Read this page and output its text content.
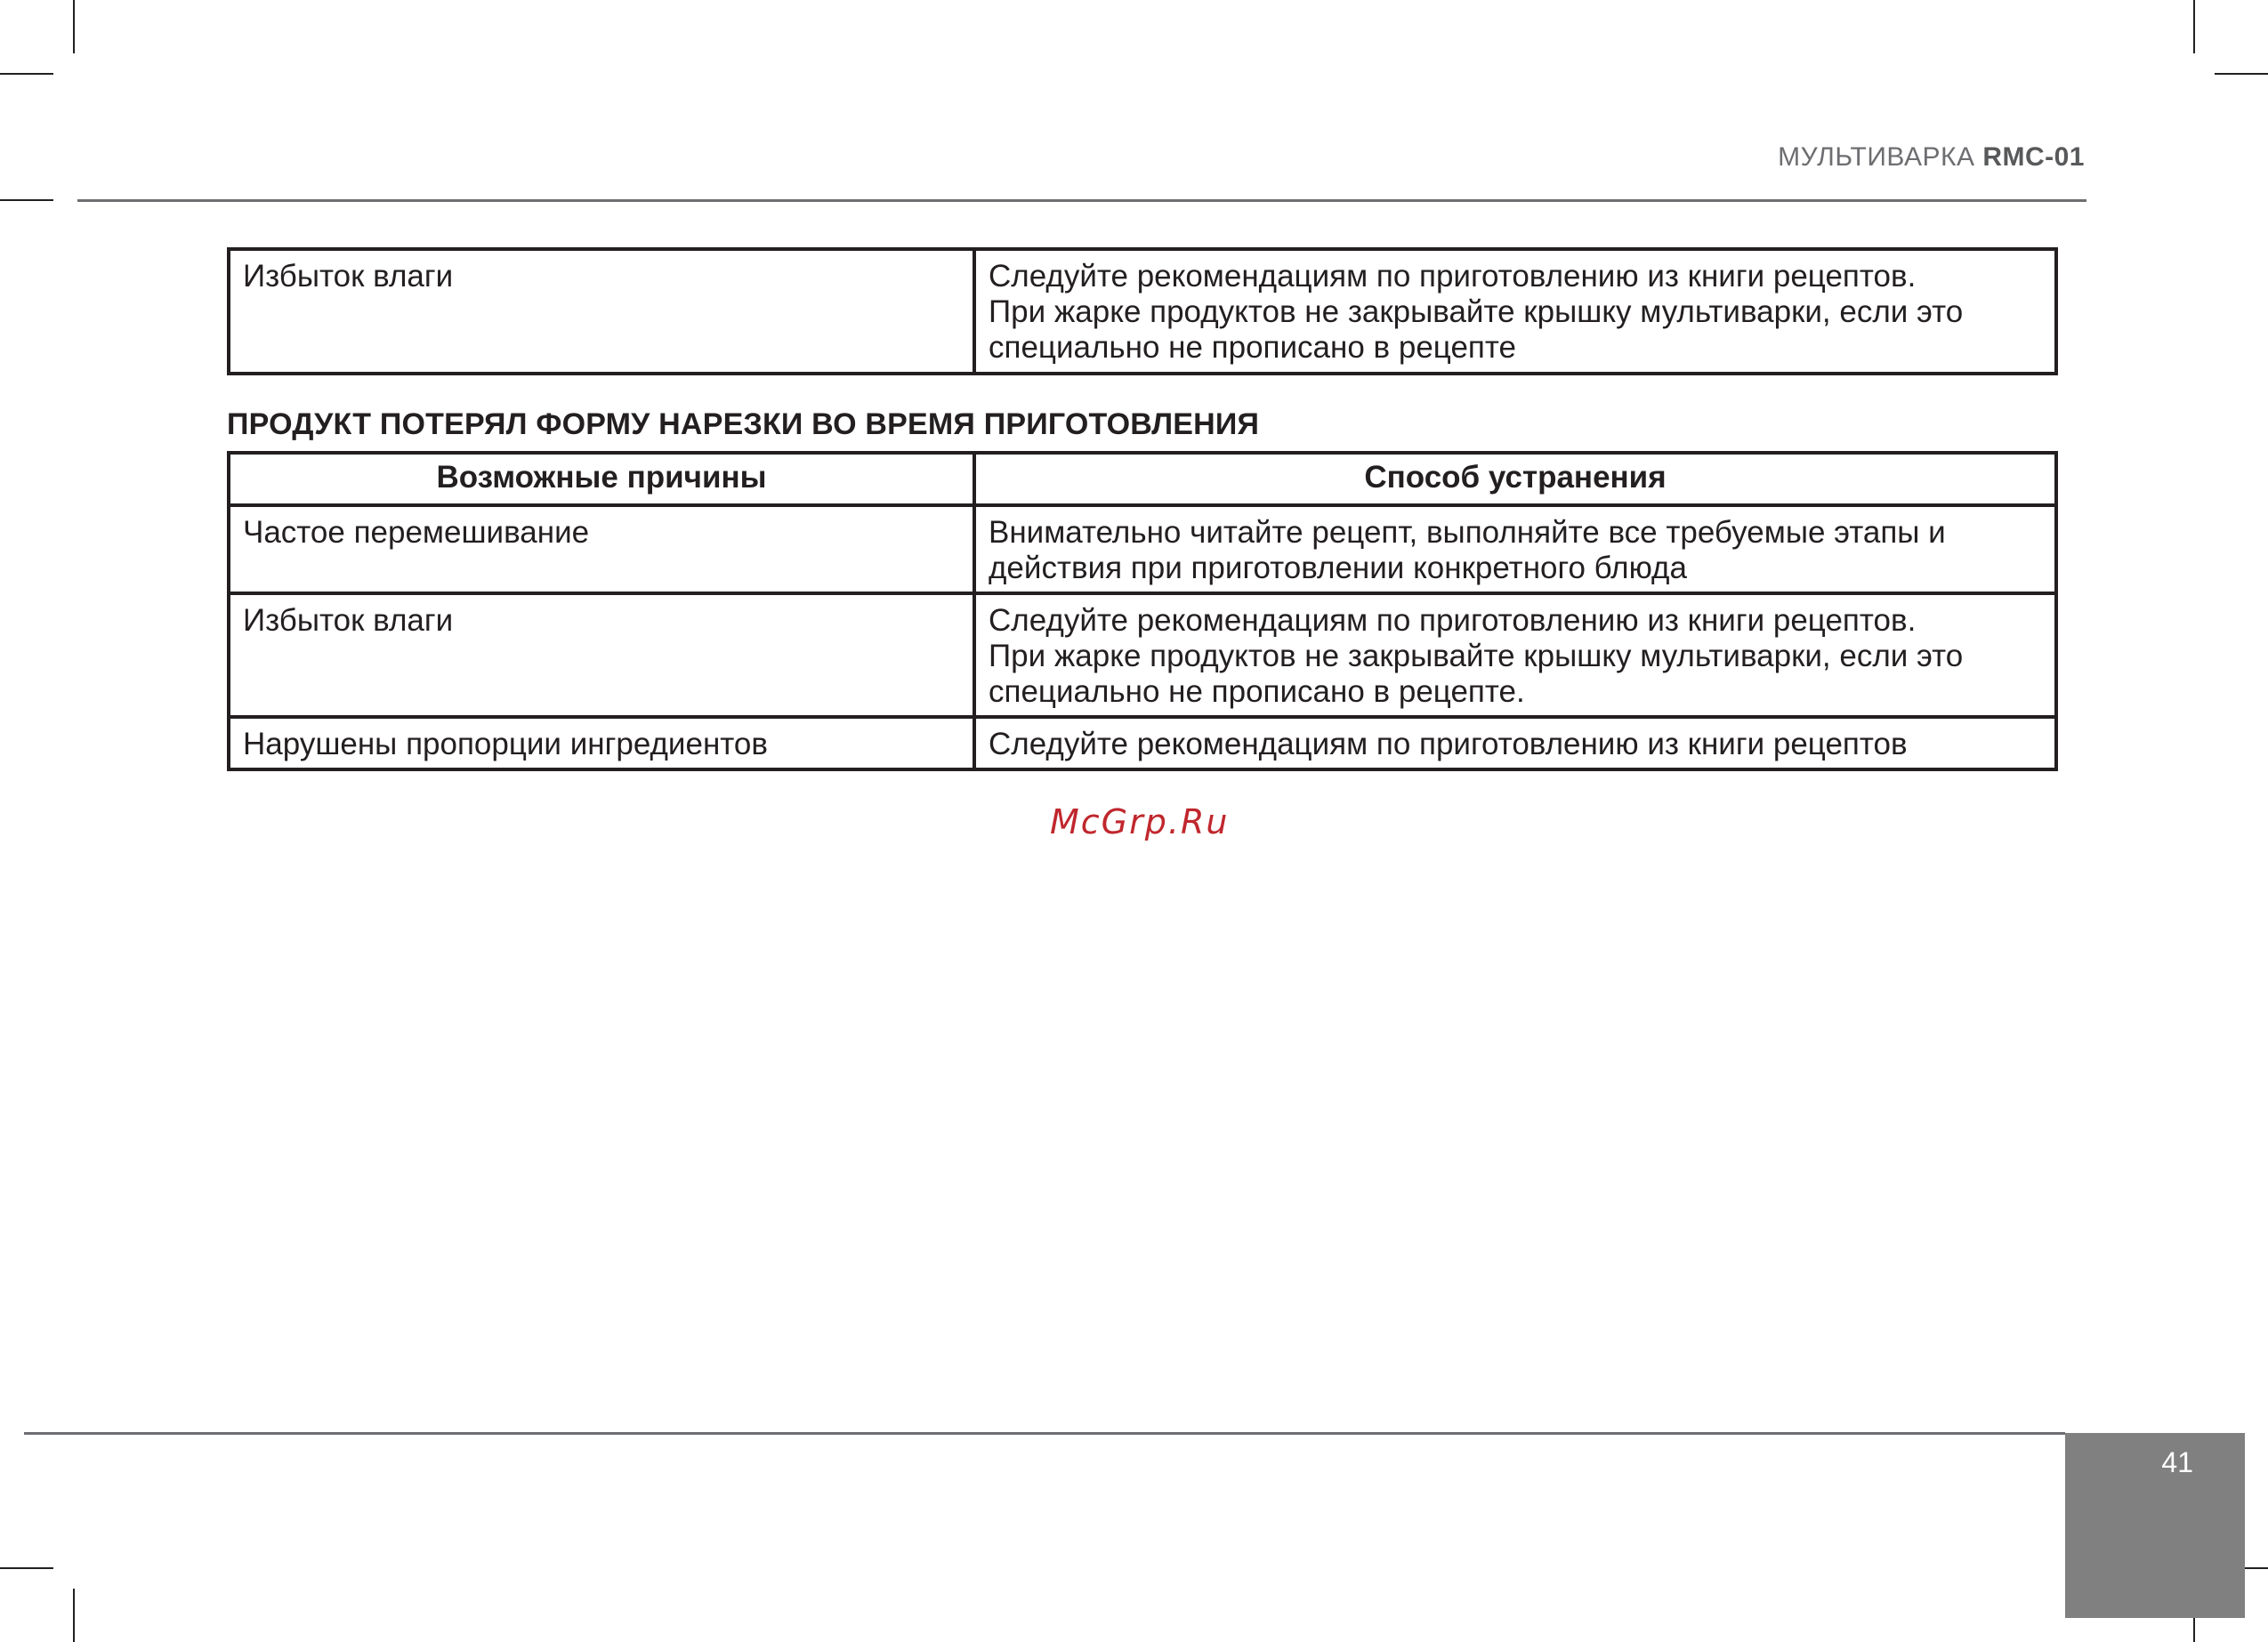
МУЛЬТИВАРКА RMC-01
Избыток влаги	Следуйте рекомендациям по приготовлению из книги рецептов.
При жарке продуктов не закрывайте крышку мультиварки, если это
специально не прописано в рецепте
ПРОДУКТ ПОТЕРЯЛ ФОРМУ НАРЕЗКИ ВО ВРЕМЯ ПРИГОТОВЛЕНИЯ
Возможные причины	Способ устранения
Частое перемешивание	Внимательно читайте рецепт, выполняйте все требуемые этапы и
действия при приготовлении конкретного блюда
Избыток влаги	Следуйте рекомендациям по приготовлению из книги рецептов.
При жарке продуктов не закрывайте крышку мультиварки, если это
специально не прописано в рецепте.
Нарушены пропорции ингредиентов	Следуйте рекомендациям по приготовлению из книги рецептов
McGrp.Ru
41
